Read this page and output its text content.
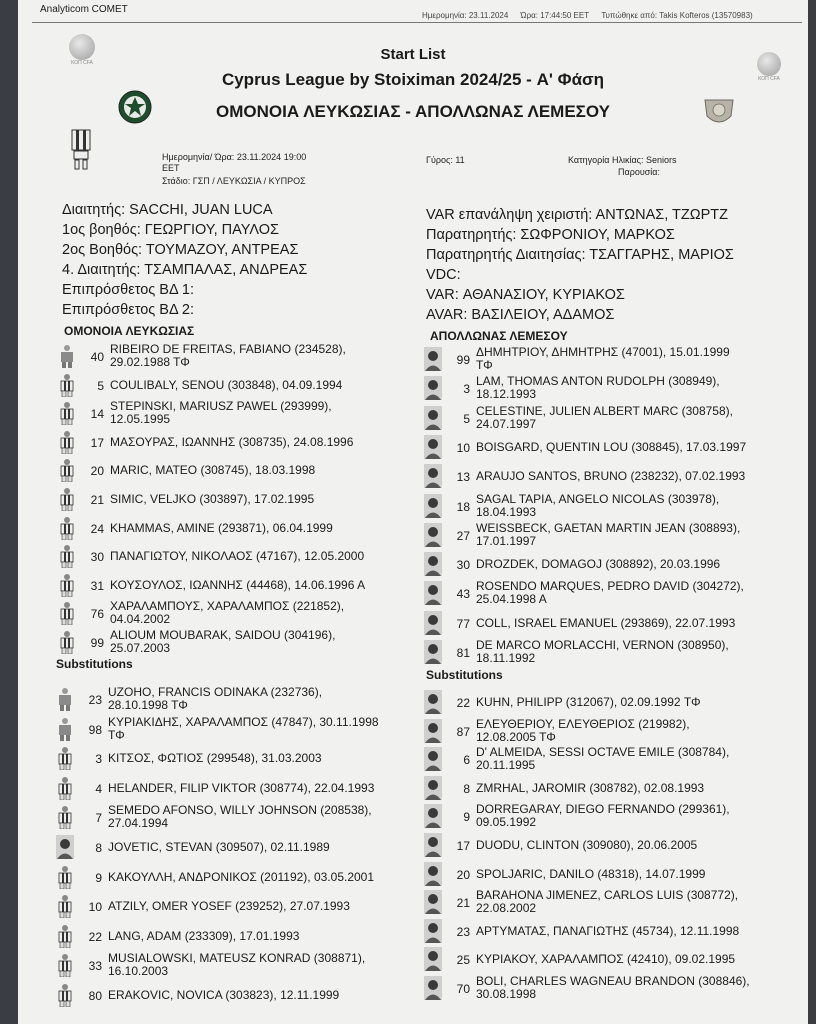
Analyticom COMET
Ημερομηνία: 23.11.2024 Ώρα: 17:44:50 EET Τυπώθηκε από: Takis Kofteros (13570983)
ΚΟΠ CFA
ΚΟΠ CFA
Start List
Cyprus League by Stoiximan 2024/25 - Α' Φάση
ΟΜΟΝΟΙΑ ΛΕΥΚΩΣΙΑΣ - ΑΠΟΛΛΩΝΑΣ ΛΕΜΕΣΟΥ
Ημερομηνία/ Ώρα: 23.11.2024 19:00
EET
Στάδιο: ΓΣΠ / ΛΕΥΚΩΣΙΑ / ΚΥΠΡΟΣ
Γύρος: 11	Κατηγορία Ηλικίας: Seniors
Παρουσία:
Διαιτητής: SACCHI, JUAN LUCA
1ος βοηθός: ΓΕΩΡΓΙΟΥ, ΠΑΥΛΟΣ
2ος Βοηθός: ΤΟΥΜΑΖΟΥ, ΑΝΤΡΕΑΣ
4. Διαιτητής: ΤΣΑΜΠΑΛΑΣ, ΑΝΔΡΕΑΣ
Επιπρόσθετος ΒΔ 1:
Επιπρόσθετος ΒΔ 2:
VAR επανάληψη χειριστή: ΑΝΤΩΝΑΣ, ΤΖΩΡΤΖ
Παρατηρητής: ΣΩΦΡΟΝΙΟΥ, ΜΑΡΚΟΣ
Παρατηρητής Διαιτησίας: ΤΣΑΓΓΑΡΗΣ, ΜΑΡΙΟΣ
VDC:
VAR: ΑΘΑΝΑΣΙΟΥ, ΚΥΡΙΑΚΟΣ
AVAR: ΒΑΣΙΛΕΙΟΥ, ΑΔΑΜΟΣ
ΟΜΟΝΟΙΑ ΛΕΥΚΩΣΙΑΣ	ΑΠΟΛΛΩΝΑΣ ΛΕΜΕΣΟΥ
40
RIBEIRO DE FREITAS, FABIANO (234528),
29.02.1988 ΤΦ
5 COULIBALY, SENOU (303848), 04.09.1994
14
STEPINSKI, MARIUSZ PAWEL (293999),
12.05.1995
17 ΜΑΣΟΥΡΑΣ, ΙΩΑΝΝΗΣ (308735), 24.08.1996
20 MARIC, MATEO (308745), 18.03.1998
21 SIMIC, VELJKO (303897), 17.02.1995
24 KHAMMAS, AMINE (293871), 06.04.1999
30 ΠΑΝΑΓΙΩΤΟΥ, ΝΙΚΟΛΑΟΣ (47167), 12.05.2000
31 ΚΟΥΣΟΥΛΟΣ, ΙΩΑΝΝΗΣ (44468), 14.06.1996 Α
76
ΧΑΡΑΛΑΜΠΟΥΣ, ΧΑΡΑΛΑΜΠΟΣ (221852),
04.04.2002
99
ALIOUM MOUBARAK, SAIDOU (304196),
25.07.2003
99
ΔΗΜΗΤΡΙΟΥ, ΔΗΜΗΤΡΗΣ (47001), 15.01.1999
ΤΦ
3
LAM, THOMAS ANTON RUDOLPH (308949),
18.12.1993
5
CELESTINE, JULIEN ALBERT MARC (308758),
24.07.1997
10 BOISGARD, QUENTIN LOU (308845), 17.03.1997
13 ARAUJO SANTOS, BRUNO (238232), 07.02.1993
18
SAGAL TAPIA, ANGELO NICOLAS (303978),
18.04.1993
27
WEISSBECK, GAETAN MARTIN JEAN (308893),
17.01.1997
30 DROZDEK, DOMAGOJ (308892), 20.03.1996
43
ROSENDO MARQUES, PEDRO DAVID (304272),
25.04.1998 Α
77 COLL, ISRAEL EMANUEL (293869), 22.07.1993
81
DE MARCO MORLACCHI, VERNON (308950),
18.11.1992
Substitutions
Substitutions
23
UZOHO, FRANCIS ODINAKA (232736),
28.10.1998 ΤΦ
98
ΚΥΡΙΑΚΙΔΗΣ, ΧΑΡΑΛΑΜΠΟΣ (47847), 30.11.1998
ΤΦ
3 ΚΙΤΣΟΣ, ΦΩΤΙΟΣ (299548), 31.03.2003
4 HELANDER, FILIP VIKTOR (308774), 22.04.1993
7
SEMEDO AFONSO, WILLY JOHNSON (208538),
27.04.1994
8 JOVETIC, STEVAN (309507), 02.11.1989
9 ΚΑΚΟΥΛΛΗ, ΑΝΔΡΟΝΙΚΟΣ (201192), 03.05.2001
10 ATZILY, OMER YOSEF (239252), 27.07.1993
22 LANG, ADAM (233309), 17.01.1993
33
MUSIALOWSKI, MATEUSZ KONRAD (308871),
16.10.2003
80 ERAKOVIC, NOVICA (303823), 12.11.1999
22 KUHN, PHILIPP (312067), 02.09.1992 ΤΦ
87
ΕΛΕΥΘΕΡΙΟΥ, ΕΛΕΥΘΕΡΙΟΣ (219982),
12.08.2005 ΤΦ
6
D' ALMEIDA, SESSI OCTAVE EMILE (308784),
20.11.1995
8 ZMRHAL, JAROMIR (308782), 02.08.1993
9
DORREGARAY, DIEGO FERNANDO (299361),
09.05.1992
17 DUODU, CLINTON (309080), 20.06.2005
20 SPOLJARIC, DANILO (48318), 14.07.1999
21
BARAHONA JIMENEZ, CARLOS LUIS (308772),
22.08.2002
23 ΑΡΤΥΜΑΤΑΣ, ΠΑΝΑΓΙΩΤΗΣ (45734), 12.11.1998
25 ΚΥΡΙΑΚΟΥ, ΧΑΡΑΛΑΜΠΟΣ (42410), 09.02.1995
70
BOLI, CHARLES WAGNEAU BRANDON (308846),
30.08.1998
